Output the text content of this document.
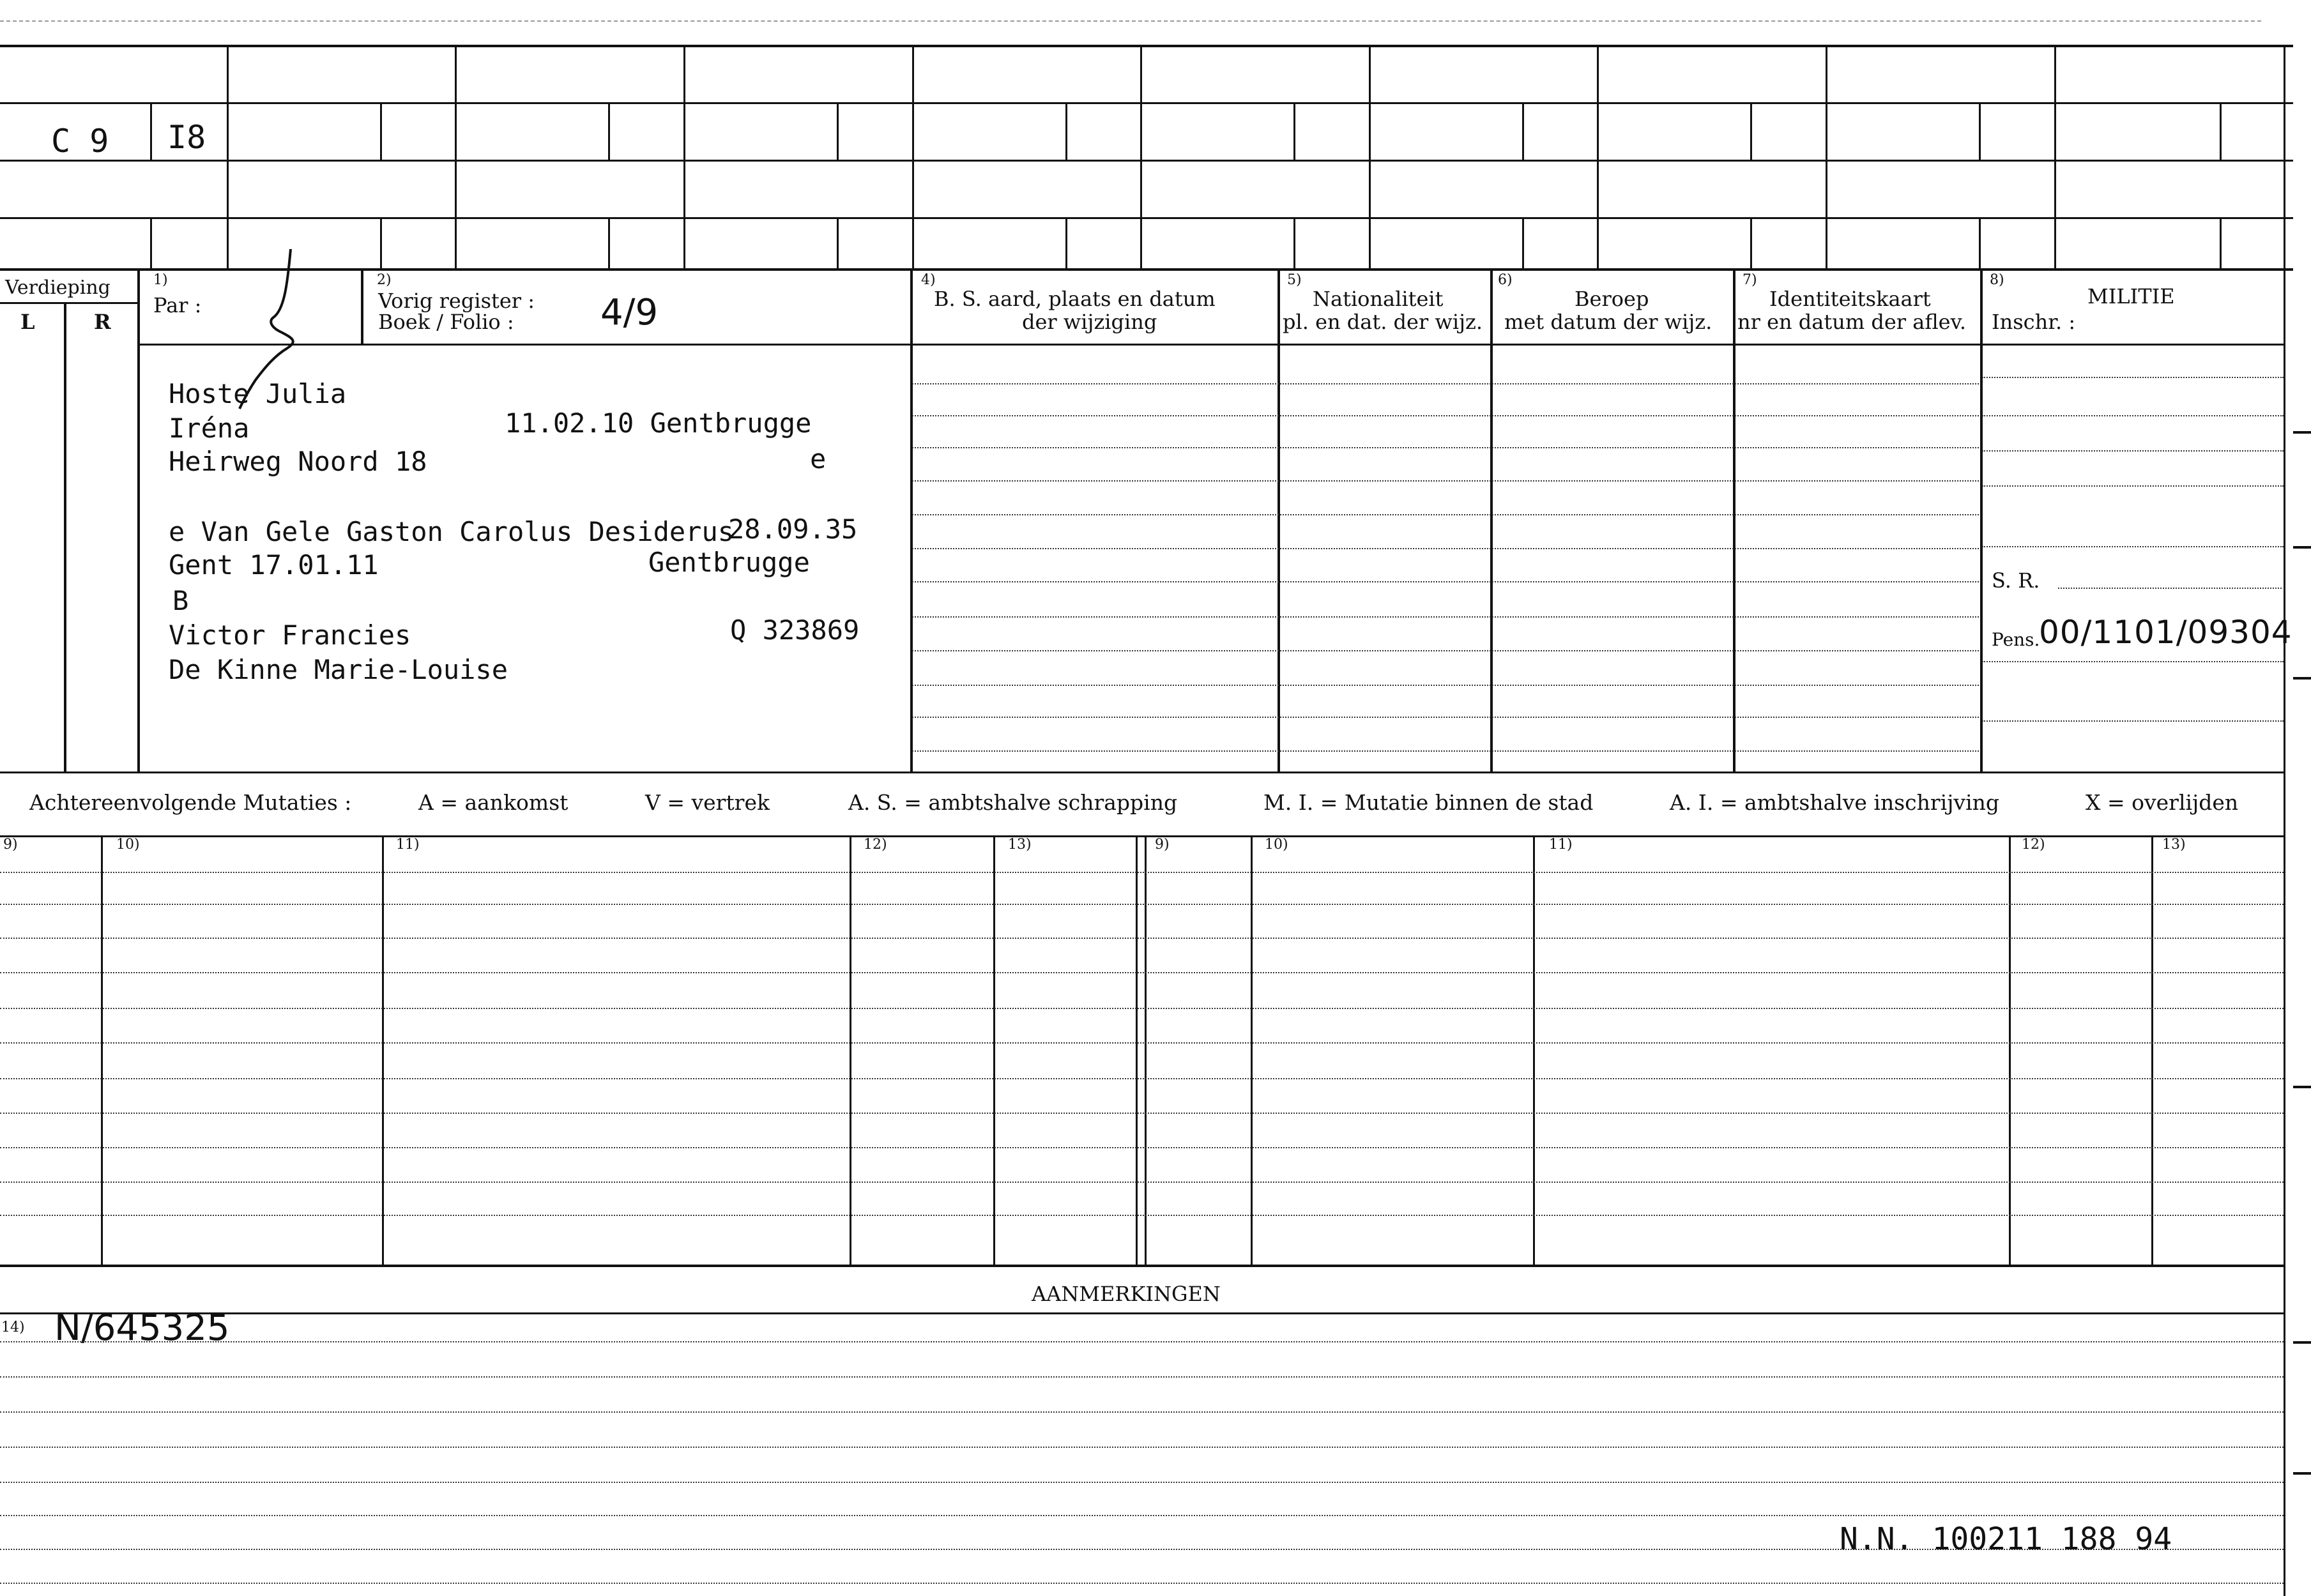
C 9 I8
Verdieping
L	R
1)
Par :
2)
Vorig register :
Boek / Folio : 4/9
4)
B. S. aard, plaats en datum
der wijziging
5)
Nationaliteit
pl. en dat. der wijz.
6)
Beroep
met datum der wijz.
7)
Identiteitskaart
nr en datum der aflev.
8)
MILITIE
Inschr. :
S. R.
Pens.
00/1101/09304
Hoste Julia
Iréna	11.02.10 Gentbrugge
Heirweg Noord 18	e
e Van Gele Gaston Carolus Desiderus
28.09.35
Gent 17.01.11	Gentbrugge
B
Victor Francies	Q 323869
De Kinne Marie-Louise
Achtereenvolgende Mutaties :	A = aankomst	V = vertrek	A. S. = ambtshalve schrapping	M. I. = Mutatie binnen de stad	A. I. = ambtshalve inschrijving	X = overlijden
9)	10)	11)	12)	13)	9)	10)	11)	12)	13)
AANMERKINGEN
14) N/645325
N.N. 100211 188 94
